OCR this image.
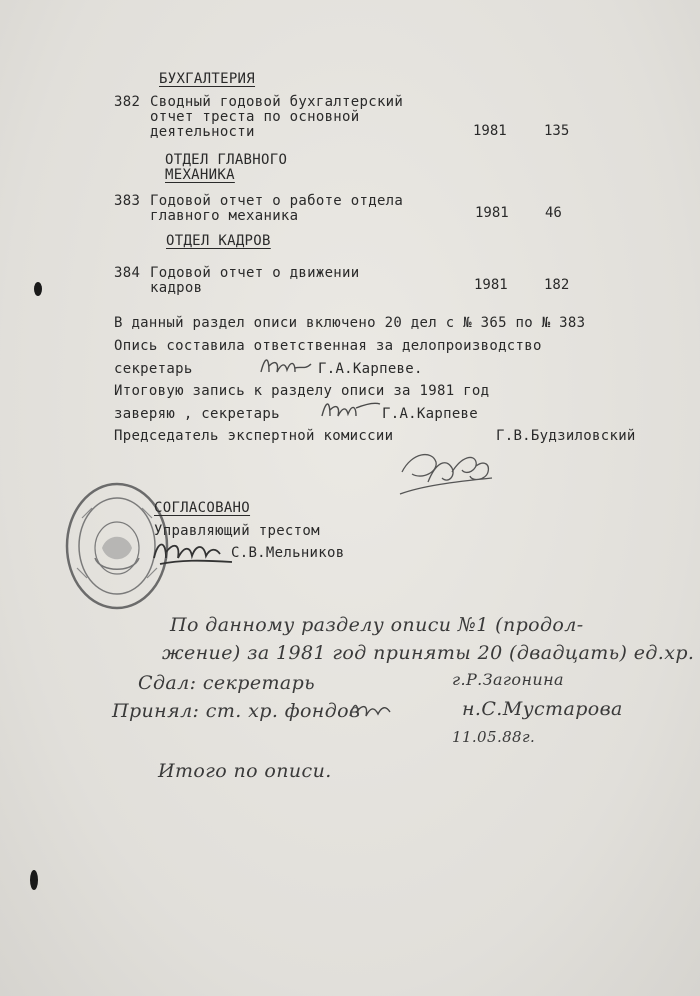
БУХГАЛТЕРИЯ
382 Сводный годовой бухгалтерский
отчет треста по основной
деятельности	1981	135
ОТДЕЛ ГЛАВНОГО
МЕХАНИКА
383 Годовой отчет о работе отдела
главного механика	1981	46
ОТДЕЛ КАДРОВ
384 Годовой отчет о движении
кадров	1981	182
В данный раздел описи включено 20 дел с № 365 по № 383
Опись составила ответственная за делопроизводство
секретарь	Г.А.Карпеве.
Итоговую запись к разделу описи за 1981 год
заверяю , секретарь	Г.А.Карпеве
Председатель экспертной комиссии	Г.В.Будзиловский
СОГЛАСОВАНО
Управляющий трестом
С.В.Мельников
По данному разделу описи №1 (продол-
жение) за 1981 год приняты 20 (двадцать) ед.хр.
Сдал: секретарь	г.Р.Загонина
Принял: ст. хр. фондов	н.С.Мустарова
11.05.88г.
Итого по описи.
